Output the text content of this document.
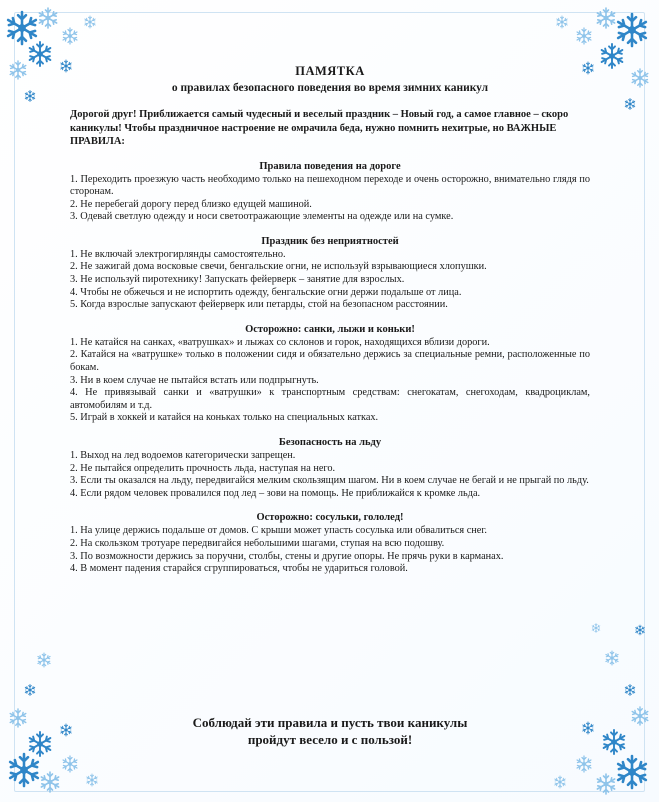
ПАМЯТКА
о правилах безопасного поведения во время зимних каникул

Дорогой друг! Приближается самый чудесный и веселый праздник – Новый год, а самое главное – скоро каникулы! Чтобы праздничное настроение не омрачила беда, нужно помнить нехитрые, но ВАЖНЫЕ ПРАВИЛА:

Правила поведения на дороге
1. Переходить проезжую часть необходимо только на пешеходном переходе и очень осторожно, внимательно глядя по сторонам.
2. Не перебегай дорогу перед близко едущей машиной.
3. Одевай светлую одежду и носи светоотражающие элементы на одежде или на сумке.
Праздник без неприятностей
1. Не включай электрогирлянды самостоятельно.
2. Не зажигай дома восковые свечи, бенгальские огни, не используй взрывающиеся хлопушки.
3. Не используй пиротехнику! Запускать фейерверк – занятие для взрослых.
4. Чтобы не обжечься и не испортить одежду, бенгальские огни держи подальше от лица.
5. Когда взрослые запускают фейерверк или петарды, стой на безопасном расстоянии.
Осторожно: санки, лыжи и коньки!
1. Не катайся на санках, «ватрушках» и лыжах со склонов и горок, находящихся вблизи дороги.
2. Катайся на «ватрушке» только в положении сидя и обязательно держись за специальные ремни, расположенные по бокам.
3. Ни в коем случае не пытайся встать или подпрыгнуть.
4. Не привязывай санки и «ватрушки» к транспортным средствам: снегокатам, снегоходам, квадроциклам, автомобилям и т.д.
5. Играй в хоккей и катайся на коньках только на специальных катках.
Безопасность на льду
1. Выход на лед водоемов категорически запрещен.
2. Не пытайся определить прочность льда, наступая на него.
3. Если ты оказался на льду, передвигайся мелким скользящим шагом. Ни в коем случае не бегай и не прыгай по льду.
4. Если рядом человек провалился под лед – зови на помощь. Не приближайся к кромке льда.
Осторожно: сосульки, гололед!
1. На улице держись подальше от домов. С крыши может упасть сосулька или обвалиться снег.
2. На скользком тротуаре передвигайся небольшими шагами, ступая на всю подошву.
3. По возможности держись за поручни, столбы, стены и другие опоры. Не прячь руки в карманах.
4. В момент падения старайся сгруппироваться, чтобы не удариться головой.
Соблюдай эти правила и пусть твои каникулы
пройдут весело и с пользой!
